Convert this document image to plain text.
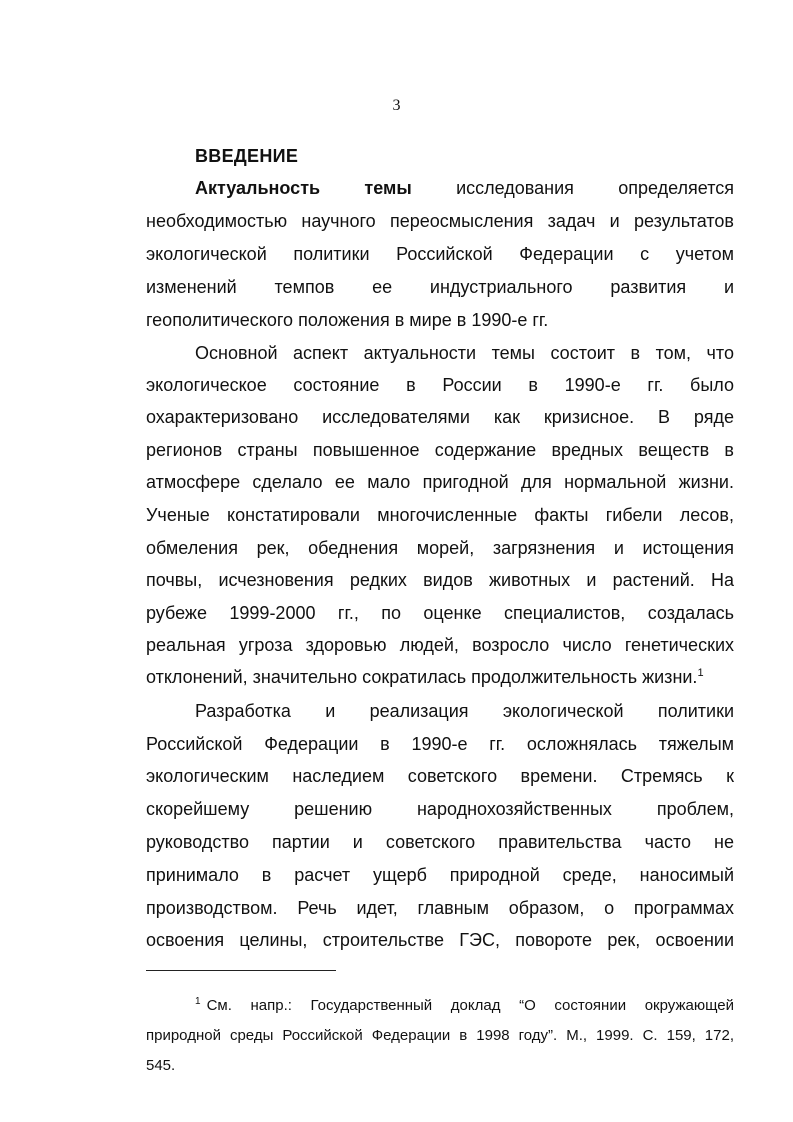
3
ВВЕДЕНИЕ
Актуальность темы исследования определяется
необходимостью научного переосмысления задач и результатов
экологической политики Российской Федерации с учетом
изменений темпов ее индустриального развития и
геополитического положения в мире в 1990-е гг.
Основной аспект актуальности темы состоит в том, что
экологическое состояние в России в 1990-е гг. было
охарактеризовано исследователями как кризисное. В ряде
регионов страны повышенное содержание вредных веществ в
атмосфере сделало ее мало пригодной для нормальной жизни.
Ученые констатировали многочисленные факты гибели лесов,
обмеления рек, обеднения морей, загрязнения и истощения
почвы, исчезновения редких видов животных и растений. На
рубеже 1999-2000 гг., по оценке специалистов, создалась
реальная угроза здоровью людей, возросло число генетических
отклонений, значительно сократилась продолжительность жизни.$^1$
Разработка и реализация экологической политики
Российской Федерации в 1990-е гг. осложнялась тяжелым
экологическим наследием советского времени. Стремясь к
скорейшему решению народнохозяйственных проблем,
руководство партии и советского правительства часто не
принимало в расчет ущерб природной среде, наносимый
производством. Речь идет, главным образом, о программах
освоения целины, строительстве ГЭС, повороте рек, освоении
$^1$ См. напр.: Государственный доклад “О состоянии окружающей
природной среды Российской Федерации в 1998 году”. М., 1999. С. 159, 172,
545.
